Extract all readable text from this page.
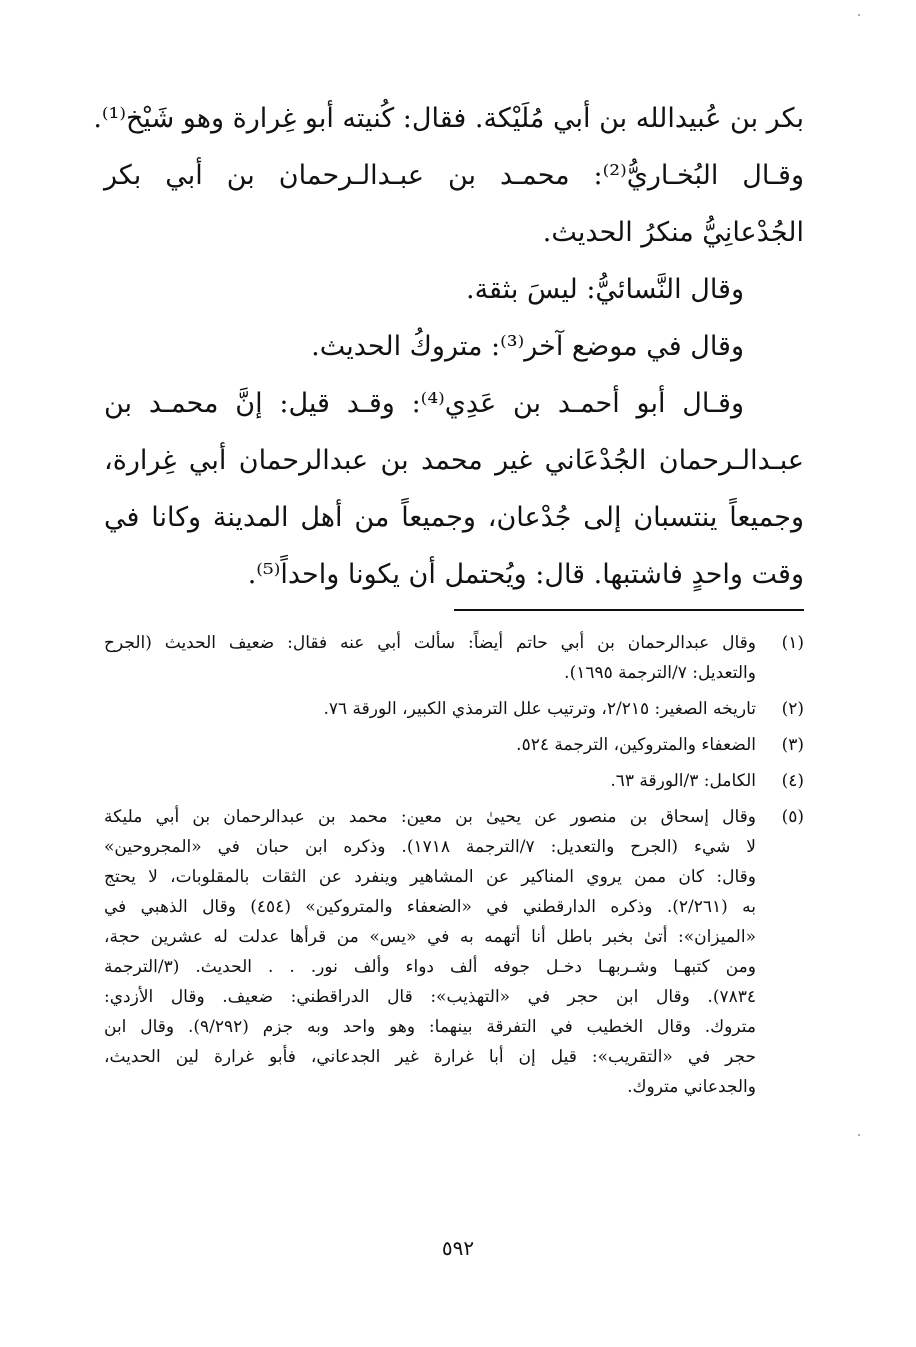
بكر بن عُبيدالله بن أبي مُلَيْكة. فقال: كُنيته أبو غِرارة وهو شَيْخ⁽¹⁾.
وقـال البُخـاريُّ⁽²⁾: محمـد بن عبـدالـرحمان بن أبي بكر
الجُدْعانِيُّ منكرُ الحديث.
وقال النَّسائيُّ: ليسَ بثقة.
وقال في موضع آخر⁽³⁾: متروكُ الحديث.
وقـال أبو أحمـد بن عَدِي⁽⁴⁾: وقـد قيل: إنَّ محمـد بن
عبـدالـرحمان الجُدْعَاني غير محمد بن عبدالرحمان أبي غِرارة،
وجميعاً ينتسبان إلى جُدْعان، وجميعاً من أهل المدينة وكانا في
وقت واحدٍ فاشتبها. قال: ويُحتمل أن يكونا واحداً⁽⁵⁾.
(١)
وقال عبدالرحمان بن أبي حاتم أيضاً: سألت أبي عنه فقال: ضعيف الحديث (الجرح
والتعديل: ٧/الترجمة ١٦٩٥).
(٢)
تاريخه الصغير: ٢/٢١٥، وترتيب علل الترمذي الكبير، الورقة ٧٦.
(٣)
الضعفاء والمتروكين، الترجمة ٥٢٤.
(٤)
الكامل: ٣/الورقة ٦٣.
(٥)
وقال إسحاق بن منصور عن يحيىٰ بن معين: محمد بن عبدالرحمان بن أبي مليكة
لا شيء (الجرح والتعديل: ٧/الترجمة ١٧١٨). وذكره ابن حبان في «المجروحين»
وقال: كان ممن يروي المناكير عن المشاهير وينفرد عن الثقات بالمقلوبات، لا يحتج
به (٢/٢٦١). وذكره الدارقطني في «الضعفاء والمتروكين» (٤٥٤) وقال الذهبي في
«الميزان»: أتىٰ بخبر باطل أنا أتهمه به في «يس» من قرأها عدلت له عشرين حجة،
ومن كتبهـا وشـربهـا دخـل جوفه ألف دواء وألف نور. . . الحديث. (٣/الترجمة
٧٨٣٤). وقال ابن حجر في «التهذيب»: قال الدراقطني: ضعيف. وقال الأزدي:
متروك. وقال الخطيب في التفرقة بينهما: وهو واحد وبه جزم (٩/٢٩٢). وقال ابن
حجر في «التقريب»: قيل إن أبا غرارة غير الجدعاني، فأبو غرارة لين الحديث،
والجدعاني متروك.
٥٩٢
